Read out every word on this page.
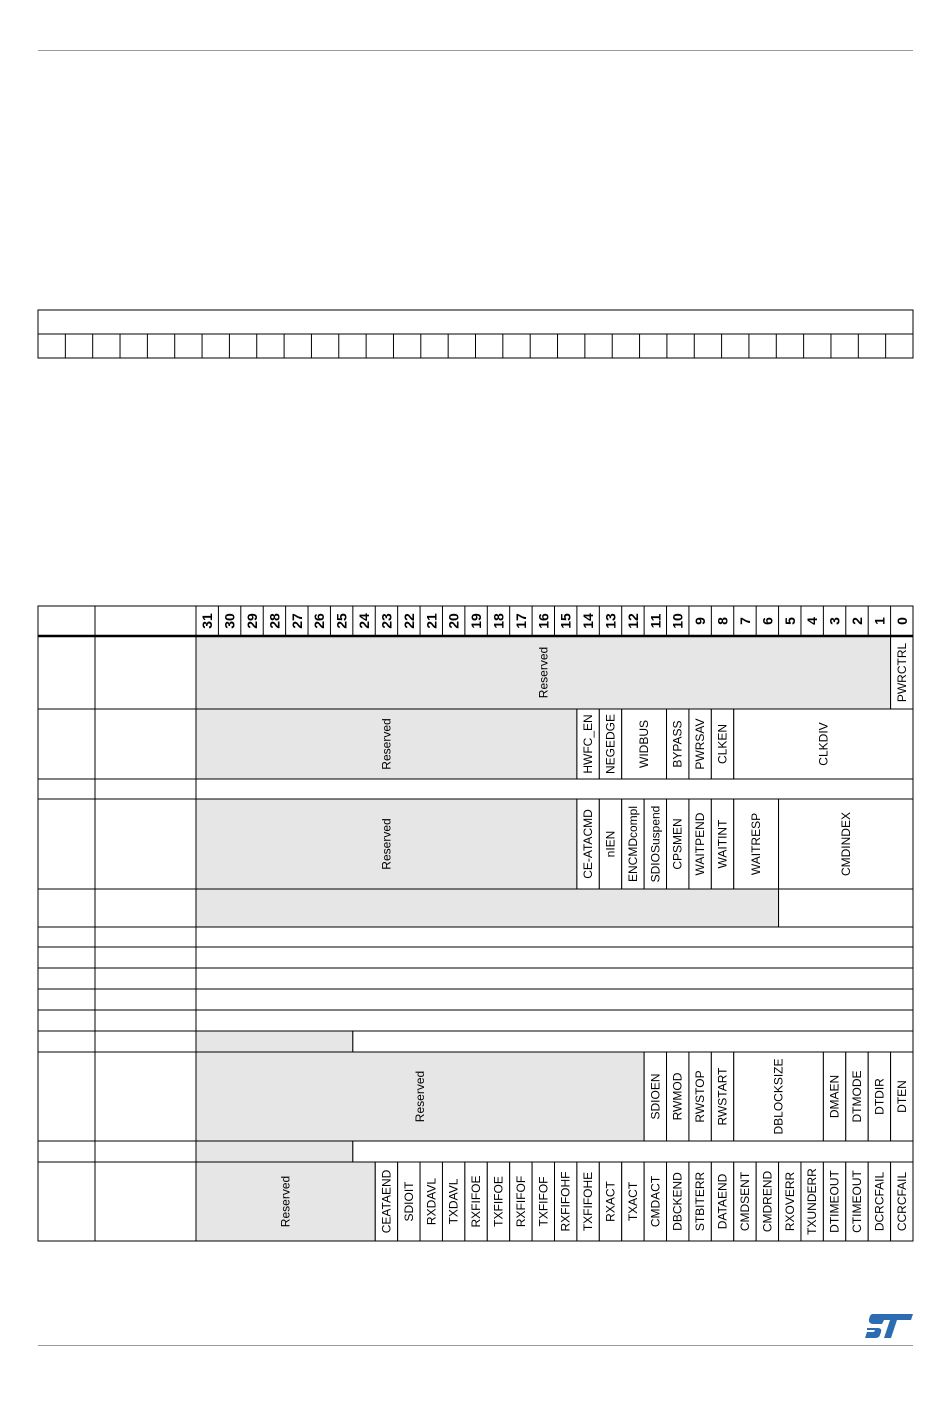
31 30 29 28 27 26 25 24 23 22 21 20 19 18 17 16 15 14 13 12 11 10 9 8 7 6 5 4 3 2 1 0
Reserved	PWRCTRL
Reserved	HWFC_EN NEGEDGE WIDBUS BYPASS PWRSAV CLKEN	CLKDIV
Reserved	CE-ATACMD nIEN ENCMDcompl SDIOSuspend CPSMEN WAITPEND WAITINT WAITRESP	CMDINDEX
Reserved	SDIOEN RWMOD RWSTOP RWSTART	DBLOCKSIZE	DMAEN DTMODE DTDIR DTEN
Reserved	CEATAEND SDIOIT RXDAVL TXDAVL RXFIFOE TXFIFOE RXFIFOF TXFIFOF RXFIFOHF TXFIFOHE RXACT TXACT CMDACT DBCKEND STBITERR DATAEND CMDSENT CMDREND RXOVERR TXUNDERR DTIMEOUT CTIMEOUT DCRCFAIL CCRCFAIL
